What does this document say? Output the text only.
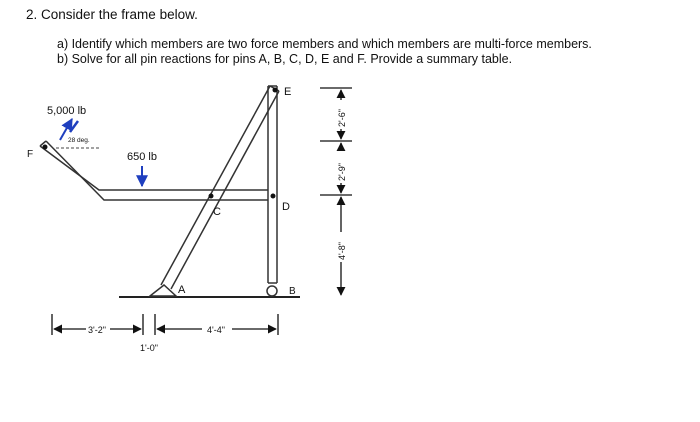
2. Consider the frame below.
a) Identify which members are two force members and which members are multi-force members.
b) Solve for all pin reactions for pins A, B, C, D, E and F. Provide a summary table.
E
D
C
A	B
F
5,000 lb
28 deg.
650 lb
3'-2"
1'-0"
4'-4"
2'-6"
2'-9"
4'-8"
